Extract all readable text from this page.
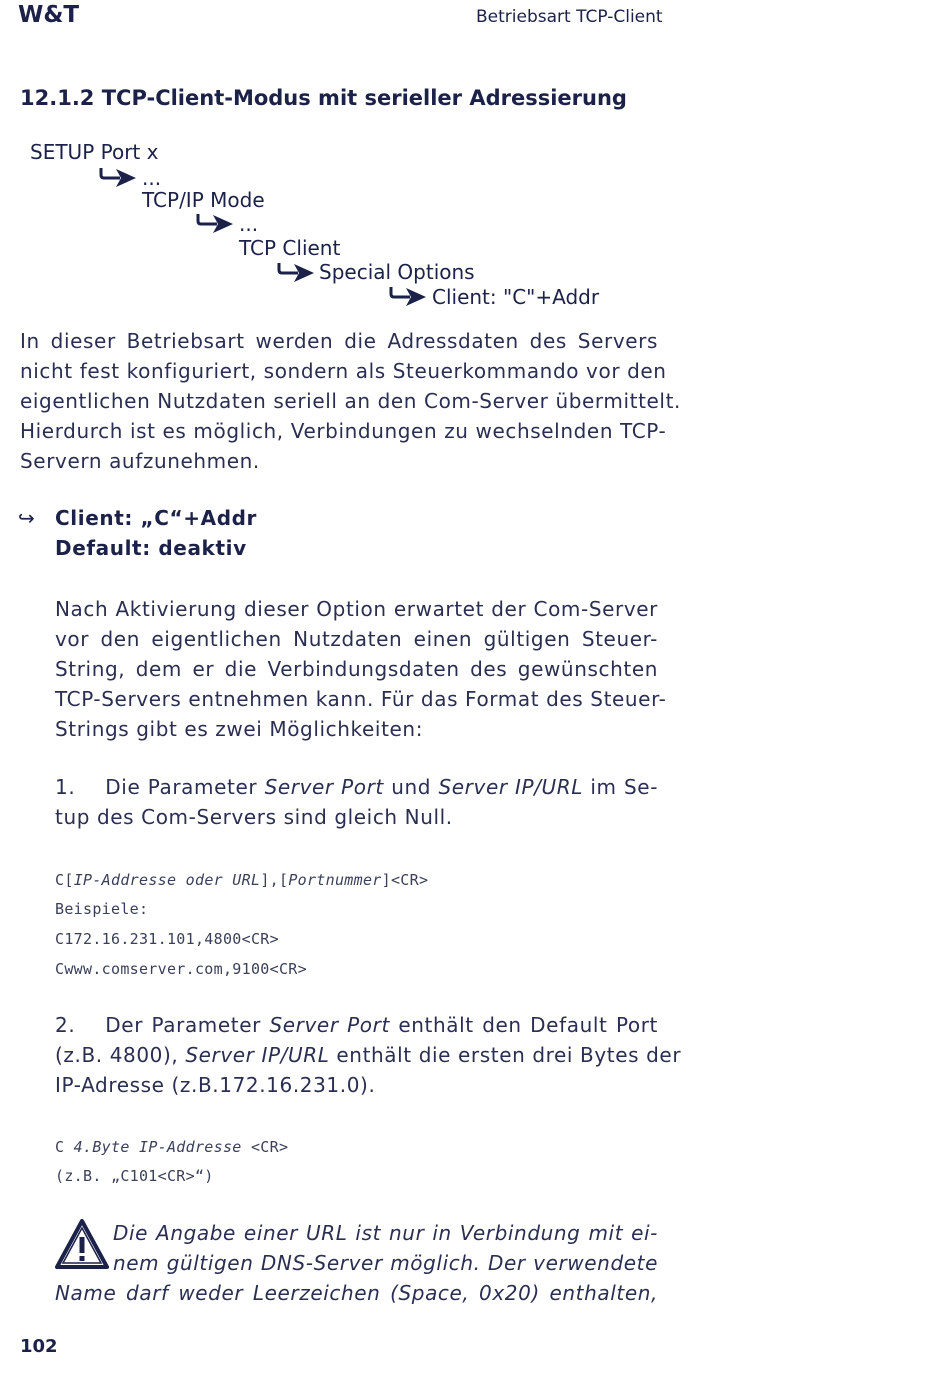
W&T	Betriebsart TCP-Client
12.1.2 TCP-Client-Modus mit serieller Adressierung
SETUP Port x
...
TCP/IP Mode
...
TCP Client
Special Options
Client: "C"+Addr
In dieser Betriebsart werden die Adressdaten des Servers
nicht fest konfiguriert, sondern als Steuerkommando vor den
eigentlichen Nutzdaten seriell an den Com-Server übermittelt.
Hierdurch ist es möglich, Verbindungen zu wechselnden TCP-
Servern aufzunehmen.
↪ Client: „C“+Addr
Default: deaktiv
Nach Aktivierung dieser Option erwartet der Com-Server
vor den eigentlichen Nutzdaten einen gültigen Steuer-
String, dem er die Verbindungsdaten des gewünschten
TCP-Servers entnehmen kann. Für das Format des Steuer-
Strings gibt es zwei Möglichkeiten:
1. Die Parameter Server Port und Server IP/URL im Se-
tup des Com-Servers sind gleich Null.
C[IP-Addresse oder URL],[Portnummer]<CR>
Beispiele:
C172.16.231.101,4800<CR>
Cwww.comserver.com,9100<CR>
2. Der Parameter Server Port enthält den Default Port
(z.B. 4800), Server IP/URL enthält die ersten drei Bytes der
IP-Adresse (z.B.172.16.231.0).
C 4.Byte IP-Addresse <CR>
(z.B. „C101<CR>“)
Die Angabe einer URL ist nur in Verbindung mit ei-
nem gültigen DNS-Server möglich. Der verwendete
Name darf weder Leerzeichen (Space, 0x20) enthalten,
102
